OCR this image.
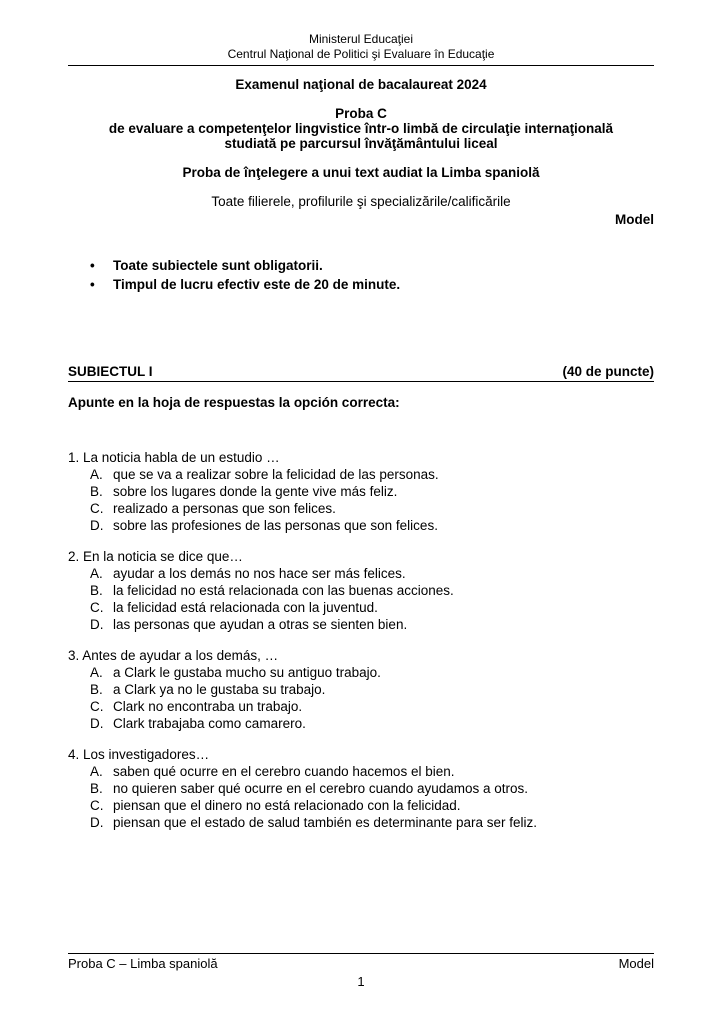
Ministerul Educaţiei
Centrul Naţional de Politici şi Evaluare în Educaţie
Examenul naţional de bacalaureat 2024
Proba C
de evaluare a competenţelor lingvistice într-o limbă de circulaţie internaţională
studiată pe parcursul învăţământului liceal
Proba de înţelegere a unui text audiat la Limba spaniolă
Toate filierele, profilurile şi specializările/calificările
Model
•	Toate subiectele sunt obligatorii.
•	Timpul de lucru efectiv este de 20 de minute.
SUBIECTUL I	(40 de puncte)
Apunte en la hoja de respuestas la opción correcta:
1. La noticia habla de un estudio …
A. que se va a realizar sobre la felicidad de las personas.
B. sobre los lugares donde la gente vive más feliz.
C. realizado a personas que son felices.
D. sobre las profesiones de las personas que son felices.
2. En la noticia se dice que…
A. ayudar a los demás no nos hace ser más felices.
B. la felicidad no está relacionada con las buenas acciones.
C. la felicidad está relacionada con la juventud.
D. las personas que ayudan a otras se sienten bien.
3. Antes de ayudar a los demás, …
A. a Clark le gustaba mucho su antiguo trabajo.
B. a Clark ya no le gustaba su trabajo.
C. Clark no encontraba un trabajo.
D. Clark trabajaba como camarero.
4. Los investigadores…
A. saben qué ocurre en el cerebro cuando hacemos el bien.
B. no quieren saber qué ocurre en el cerebro cuando ayudamos a otros.
C. piensan que el dinero no está relacionado con la felicidad.
D. piensan que el estado de salud también es determinante para ser feliz.
Proba C – Limba spaniolă	Model
1
